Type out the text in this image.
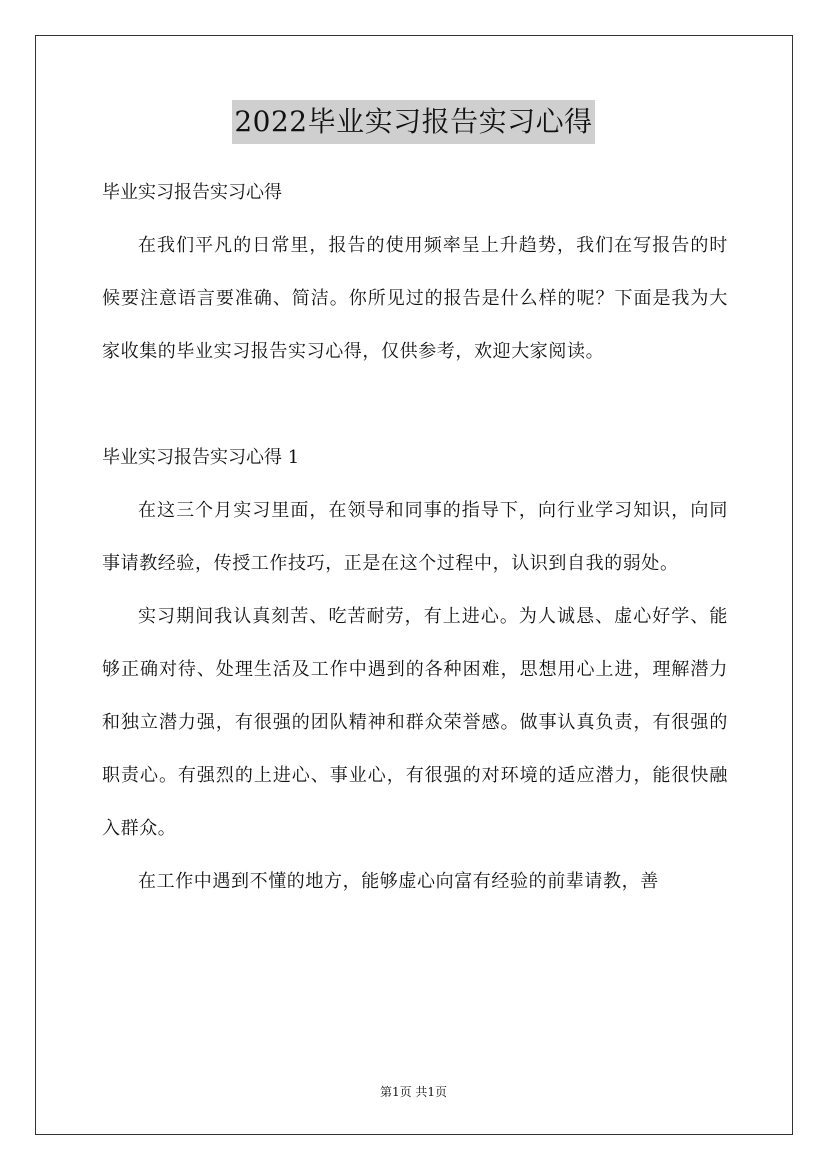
2022毕业实习报告实习心得

毕业实习报告实习心得

在我们平凡的日常里，报告的使用频率呈上升趋势，我们在写报告的时候要注意语言要准确、简洁。你所见过的报告是什么样的呢？下面是我为大家收集的毕业实习报告实习心得，仅供参考，欢迎大家阅读。

毕业实习报告实习心得 1

在这三个月实习里面，在领导和同事的指导下，向行业学习知识，向同事请教经验，传授工作技巧，正是在这个过程中，认识到自我的弱处。

实习期间我认真刻苦、吃苦耐劳，有上进心。为人诚恳、虚心好学、能够正确对待、处理生活及工作中遇到的各种困难，思想用心上进，理解潜力和独立潜力强，有很强的团队精神和群众荣誉感。做事认真负责，有很强的职责心。有强烈的上进心、事业心，有很强的对环境的适应潜力，能很快融入群众。

在工作中遇到不懂的地方，能够虚心向富有经验的前辈请教，善

第1页 共1页
